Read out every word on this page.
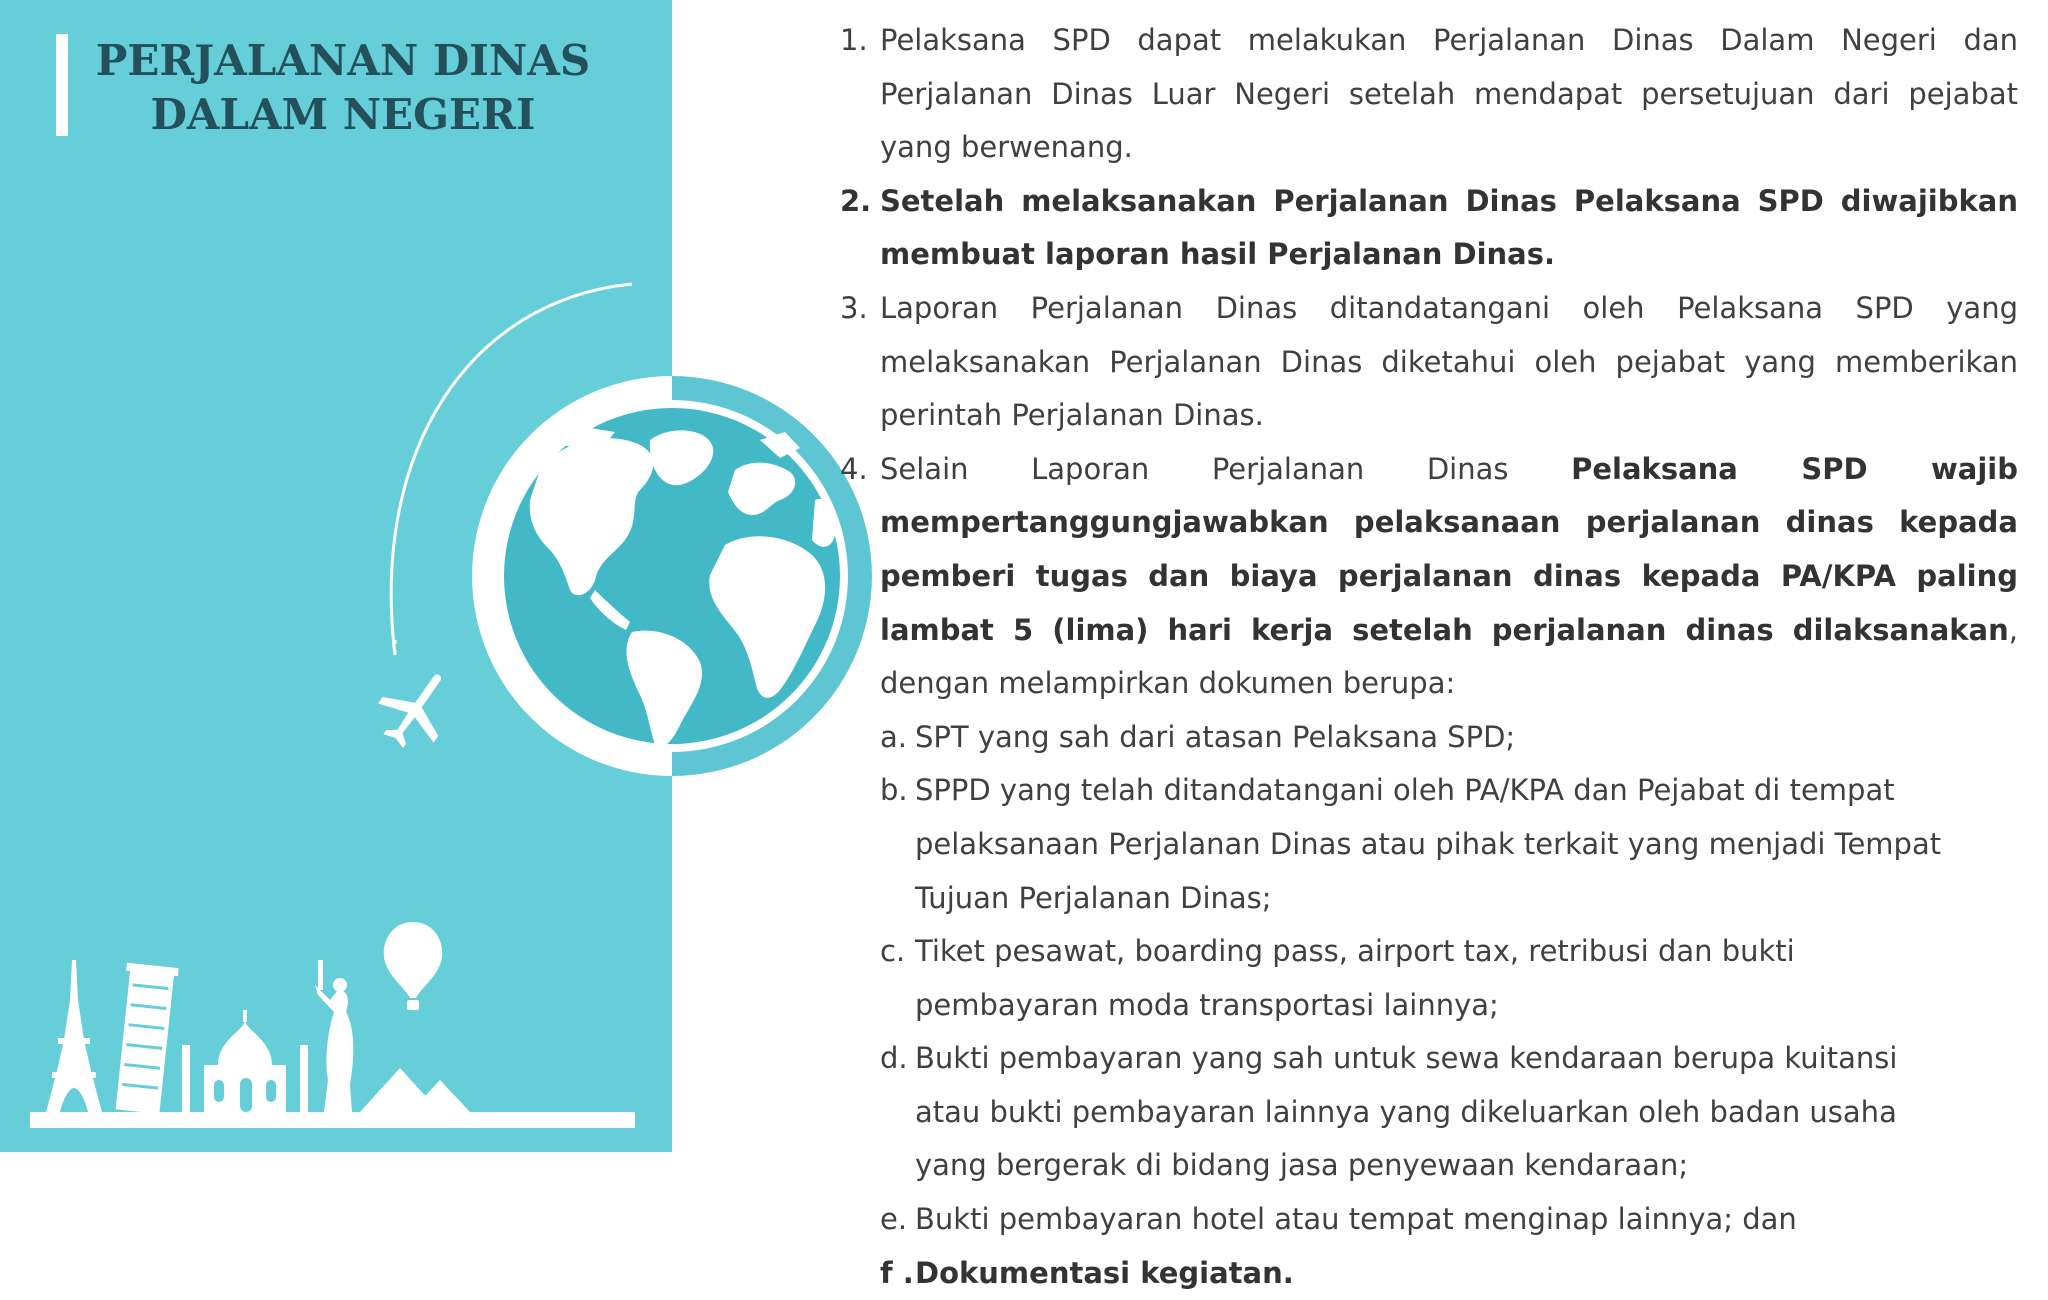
PERJALANAN DINAS
DALAM NEGERI
1. Pelaksana SPD dapat melakukan Perjalanan Dinas Dalam Negeri dan Perjalanan Dinas Luar Negeri setelah mendapat persetujuan dari pejabat yang berwenang.
2. Setelah melaksanakan Perjalanan Dinas Pelaksana SPD diwajibkan membuat laporan hasil Perjalanan Dinas.
3. Laporan Perjalanan Dinas ditandatangani oleh Pelaksana SPD yang melaksanakan Perjalanan Dinas diketahui oleh pejabat yang memberikan perintah Perjalanan Dinas.
4. Selain Laporan Perjalanan Dinas Pelaksana SPD wajib mempertanggungjawabkan pelaksanaan perjalanan dinas kepada pemberi tugas dan biaya perjalanan dinas kepada PA/KPA paling lambat 5 (lima) hari kerja setelah perjalanan dinas dilaksanakan, dengan melampirkan dokumen berupa:
a. SPT yang sah dari atasan Pelaksana SPD;
b. SPPD yang telah ditandatangani oleh PA/KPA dan Pejabat di tempat pelaksanaan Perjalanan Dinas atau pihak terkait yang menjadi Tempat Tujuan Perjalanan Dinas;
c. Tiket pesawat, boarding pass, airport tax, retribusi dan bukti pembayaran moda transportasi lainnya;
d. Bukti pembayaran yang sah untuk sewa kendaraan berupa kuitansi atau bukti pembayaran lainnya yang dikeluarkan oleh badan usaha yang bergerak di bidang jasa penyewaan kendaraan;
e. Bukti pembayaran hotel atau tempat menginap lainnya; dan
f . Dokumentasi kegiatan.
